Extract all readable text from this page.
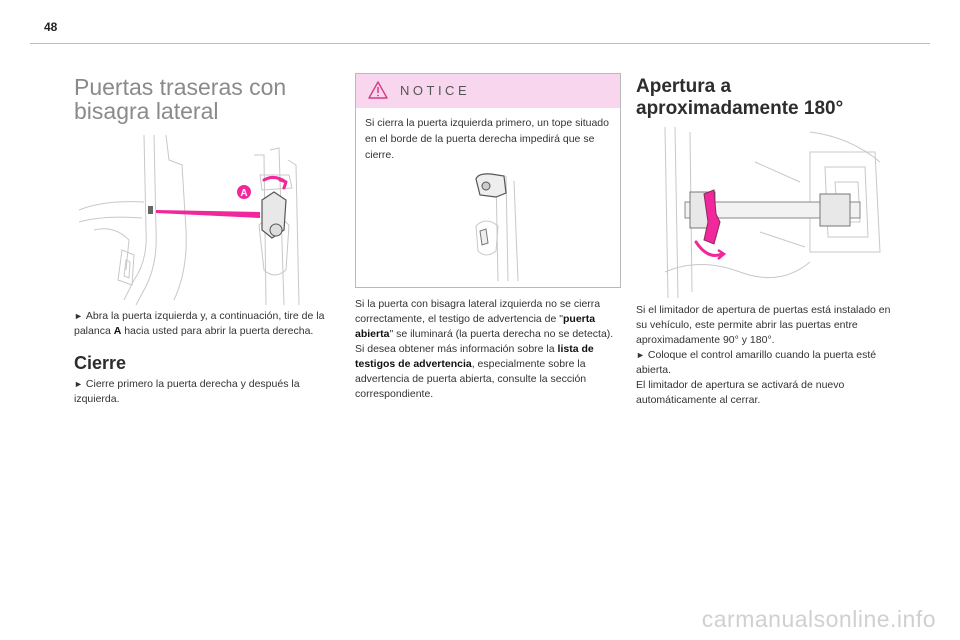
48
Puertas traseras con bisagra lateral
A

► Abra la puerta izquierda y, a continuación, tire de la palanca A hacia usted para abrir la puerta derecha.

Cierre

► Cierre primero la puerta derecha y después la izquierda.

NOTICE
Si cierra la puerta izquierda primero, un tope situado en el borde de la puerta derecha impedirá que se cierre.

Si la puerta con bisagra lateral izquierda no se cierra correctamente, el testigo de advertencia de "puerta abierta" se iluminará (la puerta derecha no se detecta). Si desea obtener más información sobre la lista de testigos de advertencia, especialmente sobre la advertencia de puerta abierta, consulte la sección correspondiente.

Apertura a aproximadamente 180°

Si el limitador de apertura de puertas está instalado en su vehículo, este permite abrir las puertas entre aproximadamente 90° y 180°.

► Coloque el control amarillo cuando la puerta esté abierta.

El limitador de apertura se activará de nuevo automáticamente al cerrar.

carmanualsonline.info
